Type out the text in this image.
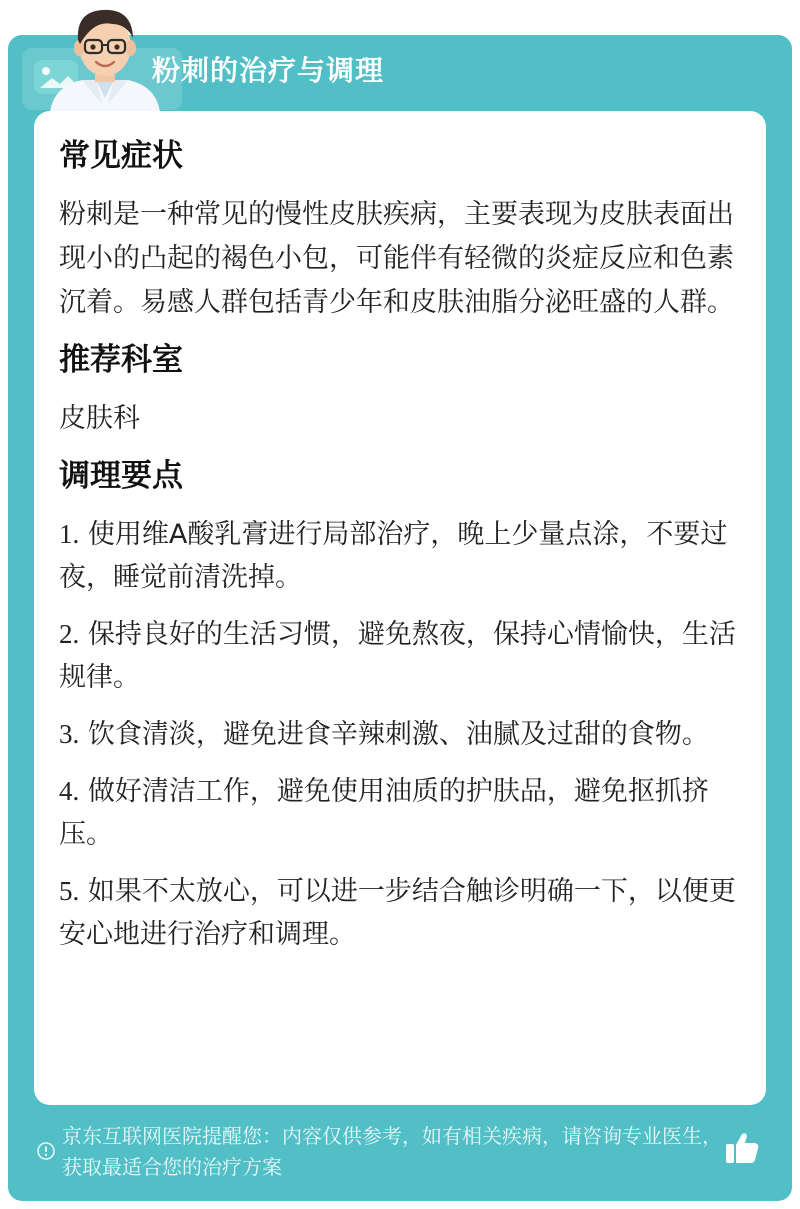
粉刺的治疗与调理
常见症状
粉刺是一种常见的慢性皮肤疾病，主要表现为皮肤表面出现小的凸起的褐色小包，可能伴有轻微的炎症反应和色素沉着。易感人群包括青少年和皮肤油脂分泌旺盛的人群。
推荐科室
皮肤科
调理要点
1. 使用维A酸乳膏进行局部治疗，晚上少量点涂，不要过夜，睡觉前清洗掉。
2. 保持良好的生活习惯，避免熬夜，保持心情愉快，生活规律。
3. 饮食清淡，避免进食辛辣刺激、油腻及过甜的食物。
4. 做好清洁工作，避免使用油质的护肤品，避免抠抓挤压。
5. 如果不太放心，可以进一步结合触诊明确一下，以便更安心地进行治疗和调理。
京东互联网医院提醒您：内容仅供参考，如有相关疾病，请咨询专业医生，获取最适合您的治疗方案
